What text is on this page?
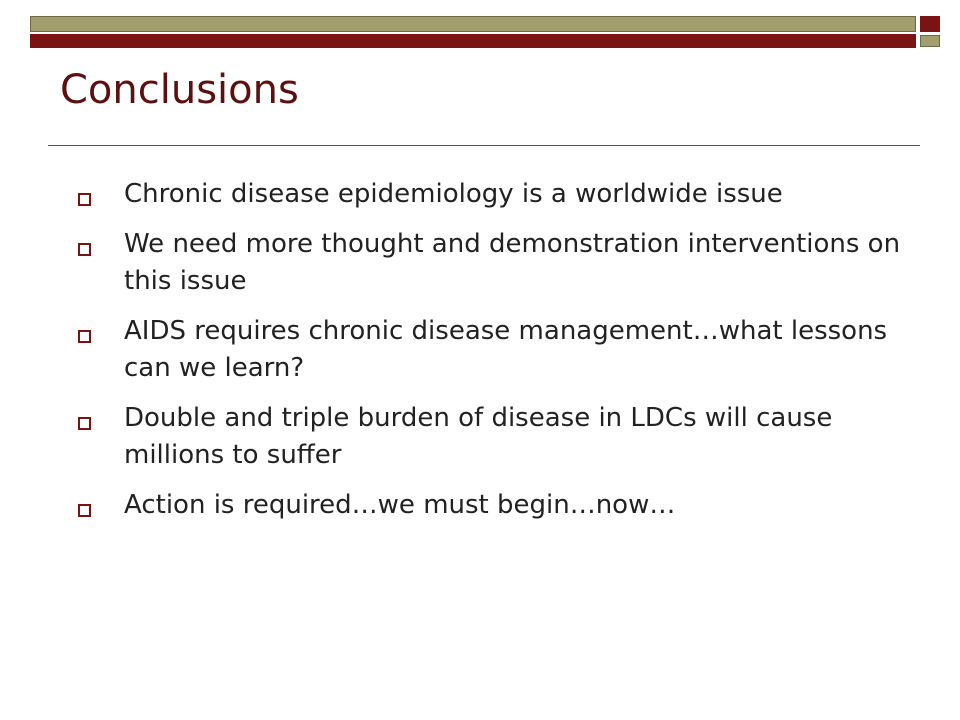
Conclusions
Chronic disease epidemiology is a worldwide issue
We need more thought and demonstration interventions on this issue
AIDS requires chronic disease management…what lessons can we learn?
Double and triple burden of disease in LDCs will cause millions to suffer
Action is required…we must begin…now…
